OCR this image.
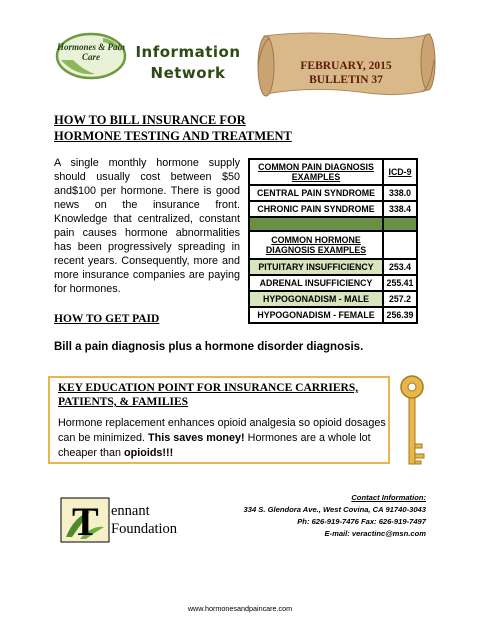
Hormones & Pain Care	Information
Network	FEBRUARY, 2015
BULLETIN 37
HOW TO BILL INSURANCE FOR
HORMONE TESTING AND TREATMENT
A single monthly hormone supply should usually cost between $50 and$100 per hormone. There is good news on the insurance front. Knowledge that centralized, constant pain causes hormone abnormalities has been progressively spreading in recent years. Consequently, more and more insurance companies are paying for hormones.
COMMON PAIN DIAGNOSIS EXAMPLES	ICD-9
CENTRAL PAIN SYNDROME	338.0
CHRONIC PAIN SYNDROME	338.4

COMMON HORMONE DIAGNOSIS EXAMPLES	
PITUITARY INSUFFICIENCY	253.4
ADRENAL INSUFFICIENCY	255.41
HYPOGONADISM - MALE	257.2
HYPOGONADISM - FEMALE	256.39
HOW TO GET PAID
Bill a pain diagnosis plus a hormone disorder diagnosis.
KEY EDUCATION POINT FOR INSURANCE CARRIERS,
PATIENTS, & FAMILIES
Hormone replacement enhances opioid analgesia so opioid dosages can be minimized. This saves money! Hormones are a whole lot cheaper than opioids!!!
T ennant
Foundation
Contact Information:
334 S. Glendora Ave., West Covina, CA 91740-3043
Ph: 626-919-7476 Fax: 626-919-7497
E-mail: veractinc@msn.com
www.hormonesandpaincare.com
